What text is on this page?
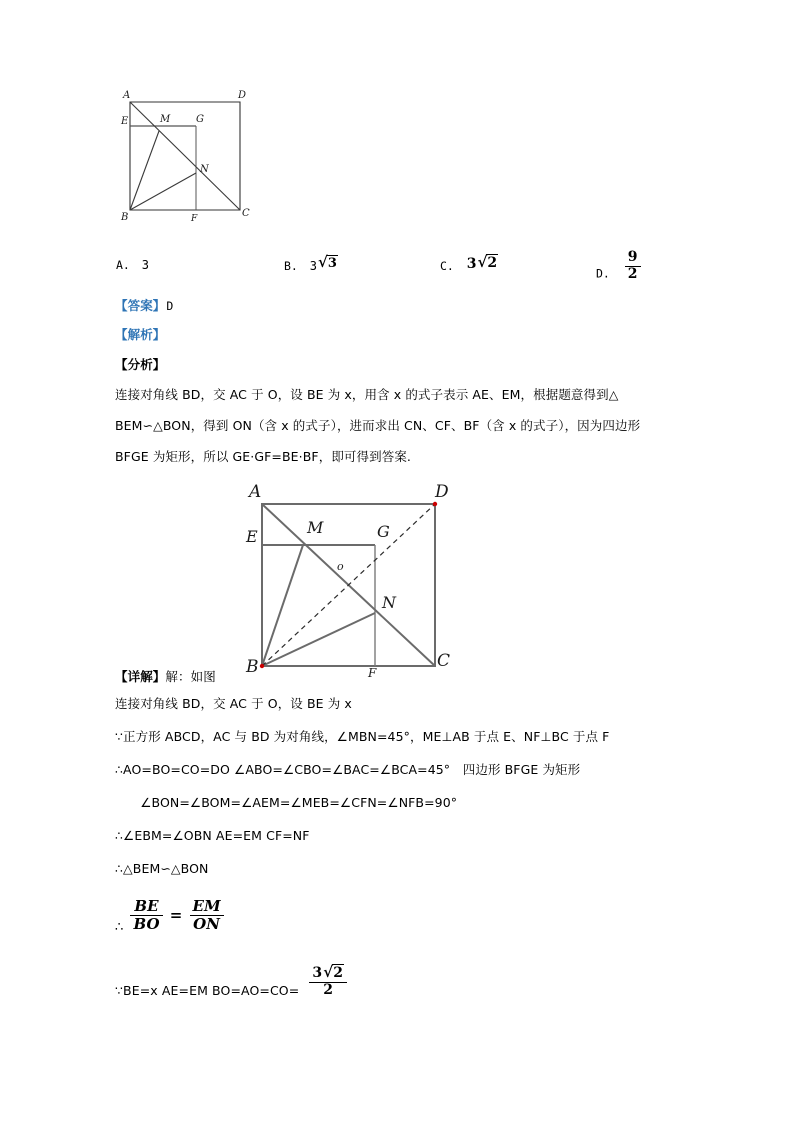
A	D
E	M	G
N
B	F	C
A. 3	B. 3√3	C. 3√2
D. $\frac{9}{2}$
【答案】D
【解析】
【分析】
连接对角线 BD，交 AC 于 O，设 BE 为 x，用含 x 的式子表示 AE、EM，根据题意得到△
BEM∽△BON，得到 ON（含 x 的式子），进而求出 CN、CF、BF（含 x 的式子），因为四边形
BFGE 为矩形，所以 GE·GF=BE·BF，即可得到答案.
A	D
E	M	G
o
N
B	F
C
【详解】解：如图
连接对角线 BD，交 AC 于 O，设 BE 为 x
∵正方形 ABCD，AC 与 BD 为对角线，∠MBN=45°，ME⊥AB 于点 E、NF⊥BC 于点 F
∴AO=BO=CO=DO ∠ABO=∠CBO=∠BAC=∠BCA=45°　四边形 BFGE 为矩形
　　∠BON=∠BOM=∠AEM=∠MEB=∠CFN=∠NFB=90°
∴∠EBM=∠OBN AE=EM CF=NF
∴△BEM∽△BON
∴ $\frac{BE}{BO} = \frac{EM}{ON}$
∵BE=x AE=EM $BO=AO=CO= \frac{3√2}{2}$
